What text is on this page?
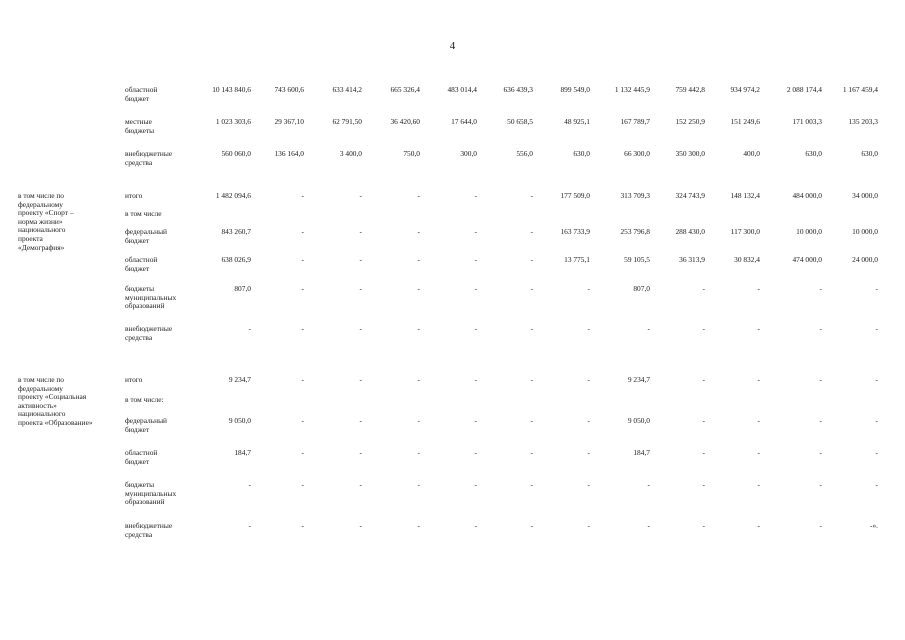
4
областной
бюджет
10 143 840,6	743 600,6	633 414,2	665 326,4	483 014,4	636 439,3	899 549,0	1 132 445,9	759 442,8	934 974,2	2 088 174,4	1 167 459,4
местные
бюджеты
1 023 303,6	29 367,10	62 791,50	36 420,60	17 644,0	50 658,5	48 925,1	167 789,7	152 250,9	151 249,6	171 003,3	135 203,3
внебюджетные
средства
560 060,0	136 164,0	3 400,0	750,0	300,0	556,0	630,0	66 300,0	350 300,0	400,0	630,0	630,0
в том числе по
федеральному
проекту «Спорт –
норма жизни»
национального
проекта
«Демография»
итого	1 482 094,6	-	-	-	-	-	177 509,0	313 709,3	324 743,9	148 132,4	484 000,0	34 000,0
в том числе
федеральный
бюджет
843 260,7	-	-	-	-	-	163 733,9	253 796,8	288 430,0	117 300,0	10 000,0	10 000,0
областной
бюджет
638 026,9	-	-	-	-	-	13 775,1	59 105,5	36 313,9	30 832,4	474 000,0	24 000,0
бюджеты
муниципальных
образований
807,0	-	-	-	-	-	-	807,0	-	-	-	-
внебюджетные
средства
-	-	-	-	-	-	-	-	-	-	-	-
в том числе по
федеральному
проекту «Социальная
активность»
национального
проекта «Образование»
итого	9 234,7	-	-	-	-	-	-	9 234,7	-	-	-	-
в том числе:
федеральный
бюджет
9 050,0	-	-	-	-	-	-	9 050,0	-	-	-	-
областной
бюджет
184,7	-	-	-	-	-	-	184,7	-	-	-	-
бюджеты
муниципальных
образований
-	-	-	-	-	-	-	-	-	-	-	-
внебюджетные
средства
-	-	-	-	-	-	-	-	-	-	-	-».
